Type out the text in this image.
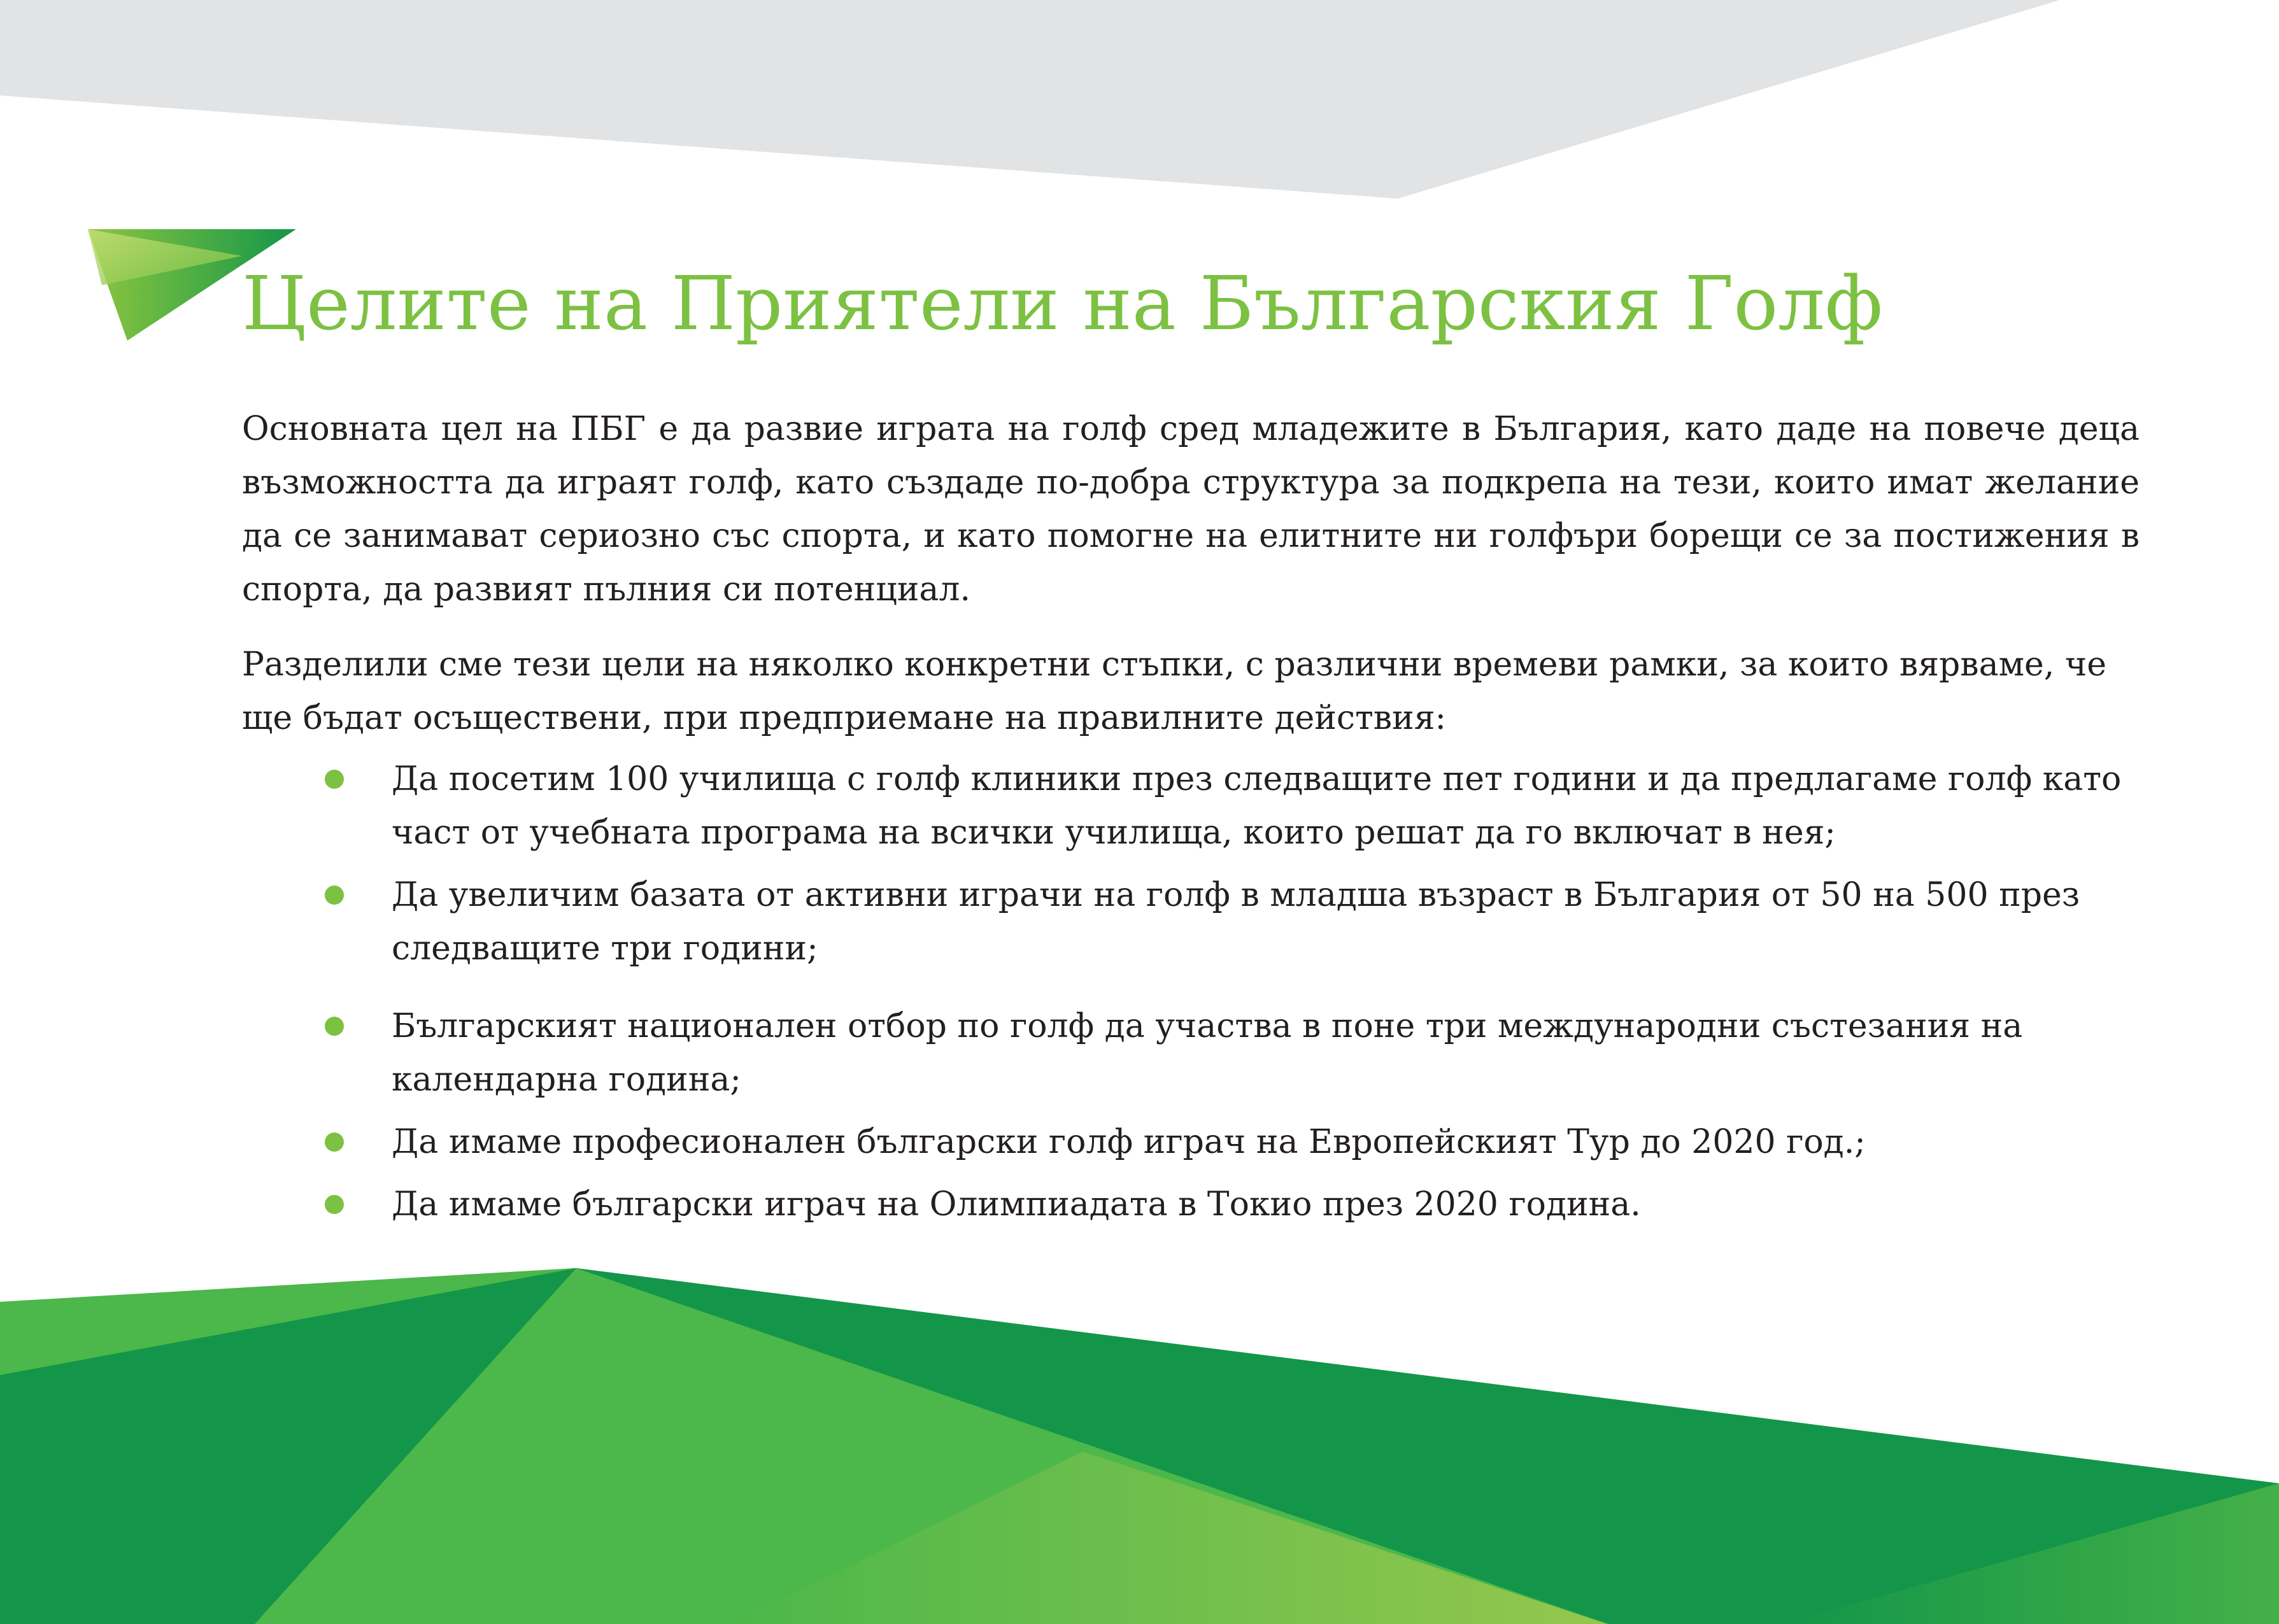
Целите на Приятели на Българския Голф

Основната цел на ПБГ е да развие играта на голф сред младежите в България, като даде на повече деца възможността да играят голф, като създаде по-добра структура за подкрепа на тези, които имат желание да се занимават сериозно със спорта, и като помогне на елитните ни голфъри борещи се за постижения в спорта, да развият пълния си потенциал.

Разделили сме тези цели на няколко конкретни стъпки, с различни времеви рамки, за които вярваме, че ще бъдат осъществени, при предприемане на правилните действия:

Да посетим 100 училища с голф клиники през следващите пет години и да предлагаме голф като част от учебната програма на всички училища, които решат да го включат в нея;
Да увеличим базата от активни играчи на голф в младша възраст в България от 50 на 500 през следващите три години;
Българският национален отбор по голф да участва в поне три международни състезания на календарна година;
Да имаме професионален български голф играч на Европейският Тур до 2020 год.;
Да имаме български играч на Олимпиадата в Токио през 2020 година.
